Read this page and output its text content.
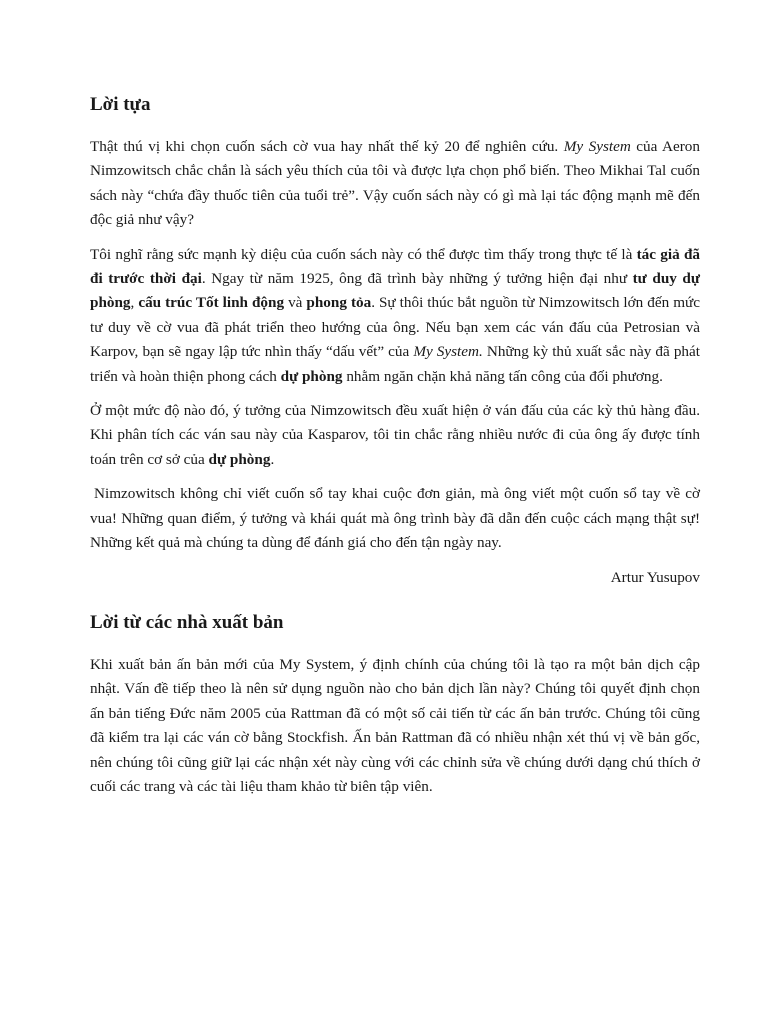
Lời tựa

Thật thú vị khi chọn cuốn sách cờ vua hay nhất thế kỷ 20 để nghiên cứu. My System của Aeron Nimzowitsch chắc chắn là sách yêu thích của tôi và được lựa chọn phổ biến. Theo Mikhai Tal cuốn sách này “chứa đầy thuốc tiên của tuổi trẻ”. Vậy cuốn sách này có gì mà lại tác động mạnh mẽ đến độc giả như vậy?

Tôi nghĩ rằng sức mạnh kỳ diệu của cuốn sách này có thể được tìm thấy trong thực tế là tác giả đã đi trước thời đại. Ngay từ năm 1925, ông đã trình bày những ý tưởng hiện đại như tư duy dự phòng, cấu trúc Tốt linh động và phong tỏa. Sự thôi thúc bắt nguồn từ Nimzowitsch lớn đến mức tư duy về cờ vua đã phát triển theo hướng của ông. Nếu bạn xem các ván đấu của Petrosian và Karpov, bạn sẽ ngay lập tức nhìn thấy “dấu vết” của My System. Những kỳ thủ xuất sắc này đã phát triển và hoàn thiện phong cách dự phòng nhằm ngăn chặn khả năng tấn công của đối phương.

Ở một mức độ nào đó, ý tưởng của Nimzowitsch đều xuất hiện ở ván đấu của các kỳ thủ hàng đầu. Khi phân tích các ván sau này của Kasparov, tôi tin chắc rằng nhiều nước đi của ông ấy được tính toán trên cơ sở của dự phòng.

Nimzowitsch không chỉ viết cuốn sổ tay khai cuộc đơn giản, mà ông viết một cuốn sổ tay về cờ vua! Những quan điểm, ý tưởng và khái quát mà ông trình bày đã dẫn đến cuộc cách mạng thật sự! Những kết quả mà chúng ta dùng để đánh giá cho đến tận ngày nay.

Artur Yusupov

Lời từ các nhà xuất bản

Khi xuất bản ấn bản mới của My System, ý định chính của chúng tôi là tạo ra một bản dịch cập nhật. Vấn đề tiếp theo là nên sử dụng nguồn nào cho bản dịch lần này? Chúng tôi quyết định chọn ấn bản tiếng Đức năm 2005 của Rattman đã có một số cải tiến từ các ấn bản trước. Chúng tôi cũng đã kiểm tra lại các ván cờ bằng Stockfish. Ấn bản Rattman đã có nhiều nhận xét thú vị về bản gốc, nên chúng tôi cũng giữ lại các nhận xét này cùng với các chỉnh sửa về chúng dưới dạng chú thích ở cuối các trang và các tài liệu tham khảo từ biên tập viên.
